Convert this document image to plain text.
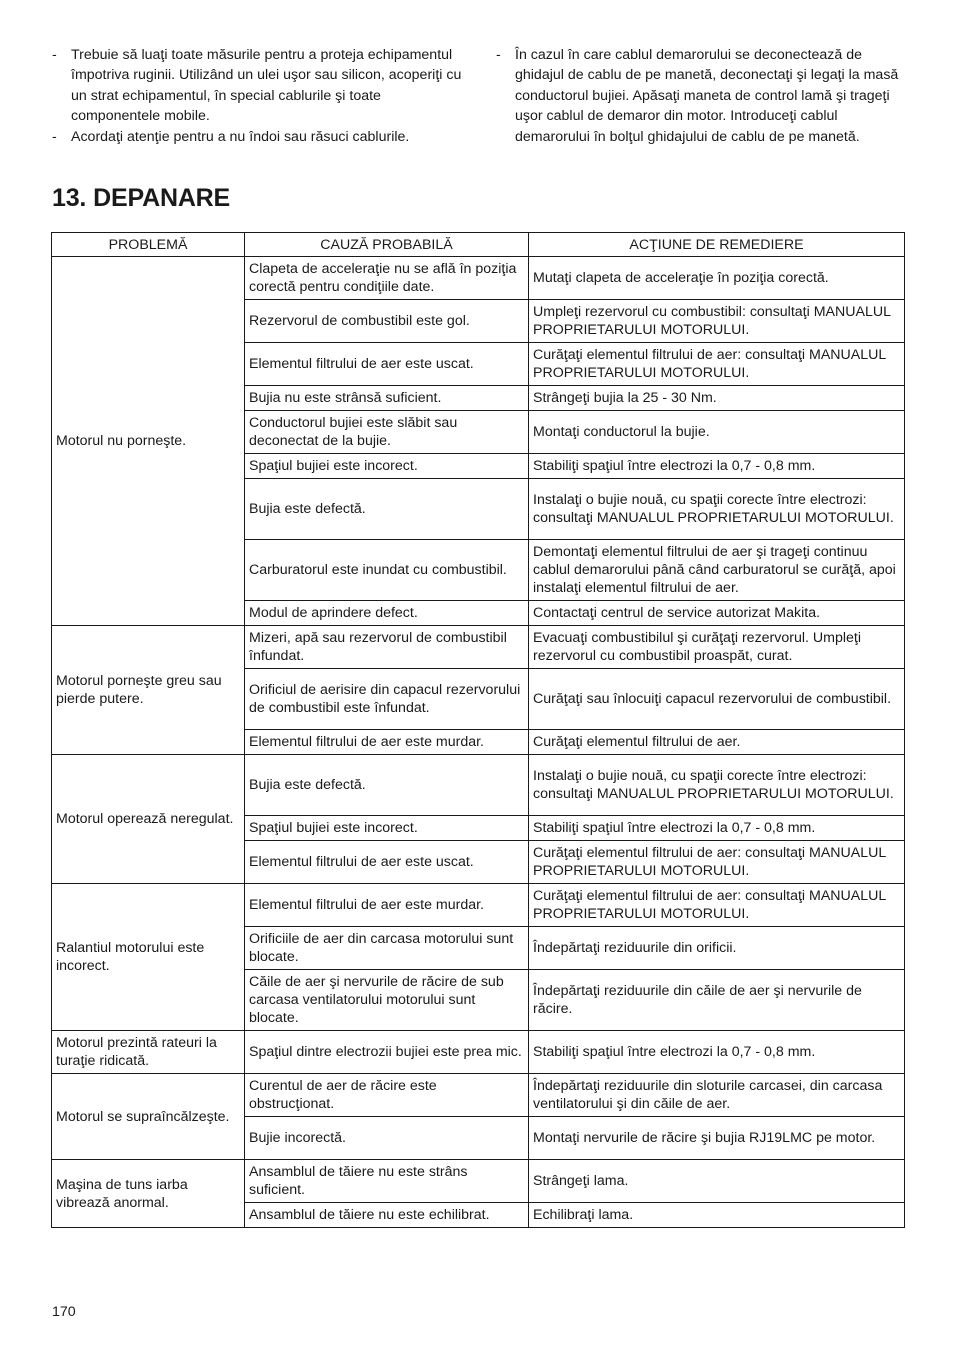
-	Trebuie să luaţi toate măsurile pentru a proteja echipamentul împotriva ruginii. Utilizând un ulei uşor sau silicon, acoperiţi cu un strat echipamentul, în special cablurile şi toate componentele mobile.
-	Acordaţi atenţie pentru a nu îndoi sau răsuci cablurile.
-	În cazul în care cablul demarorului se deconectează de ghidajul de cablu de pe manetă, deconectaţi şi legaţi la masă conductorul bujiei. Apăsaţi maneta de control lamă şi trageţi uşor cablul de demaror din motor. Introduceţi cablul demarorului în bolţul ghidajului de cablu de pe manetă.
13. DEPANARE
PROBLEMĂ	CAUZĂ PROBABILĂ	ACŢIUNE DE REMEDIERE
Motorul nu porneşte.	Clapeta de acceleraţie nu se află în poziţia corectă pentru condiţiile date.	Mutaţi clapeta de acceleraţie în poziţia corectă.
	Rezervorul de combustibil este gol.	Umpleţi rezervorul cu combustibil: consultaţi MANUALUL PROPRIETARULUI MOTORULUI.
	Elementul filtrului de aer este uscat.	Curăţaţi elementul filtrului de aer: consultaţi MANUALUL PROPRIETARULUI MOTORULUI.
	Bujia nu este strânsă suficient.	Strângeţi bujia la 25 - 30 Nm.
	Conductorul bujiei este slăbit sau deconectat de la bujie.	Montaţi conductorul la bujie.
	Spaţiul bujiei este incorect.	Stabiliţi spaţiul între electrozi la 0,7 - 0,8 mm.
	Bujia este defectă.	Instalaţi o bujie nouă, cu spaţii corecte între electrozi: consultaţi MANUALUL PROPRIETARULUI MOTORULUI.
	Carburatorul este inundat cu combustibil.	Demontaţi elementul filtrului de aer şi trageţi continuu cablul demarorului până când carburatorul se curăţă, apoi instalaţi elementul filtrului de aer.
	Modul de aprindere defect.	Contactaţi centrul de service autorizat Makita.
Motorul porneşte greu sau pierde putere.	Mizeri, apă sau rezervorul de combustibil înfundat.	Evacuaţi combustibilul şi curăţaţi rezervorul. Umpleţi rezervorul cu combustibil proaspăt, curat.
	Orificiul de aerisire din capacul rezervorului de combustibil este înfundat.	Curăţaţi sau înlocuiţi capacul rezervorului de combustibil.
	Elementul filtrului de aer este murdar.	Curăţaţi elementul filtrului de aer.
Motorul operează neregulat.	Bujia este defectă.	Instalaţi o bujie nouă, cu spaţii corecte între electrozi: consultaţi MANUALUL PROPRIETARULUI MOTORULUI.
	Spaţiul bujiei este incorect.	Stabiliţi spaţiul între electrozi la 0,7 - 0,8 mm.
	Elementul filtrului de aer este uscat.	Curăţaţi elementul filtrului de aer: consultaţi MANUALUL PROPRIETARULUI MOTORULUI.
Ralantiul motorului este incorect.	Elementul filtrului de aer este murdar.	Curăţaţi elementul filtrului de aer: consultaţi MANUALUL PROPRIETARULUI MOTORULUI.
	Orificiile de aer din carcasa motorului sunt blocate.	Îndepărtaţi reziduurile din orificii.
	Căile de aer şi nervurile de răcire de sub carcasa ventilatorului motorului sunt blocate.	Îndepărtaţi reziduurile din căile de aer şi nervurile de răcire.
Motorul prezintă rateuri la turaţie ridicată.	Spaţiul dintre electrozii bujiei este prea mic.	Stabiliţi spaţiul între electrozi la 0,7 - 0,8 mm.
Motorul se supraîncălzeşte.	Curentul de aer de răcire este obstrucţionat.	Îndepărtaţi reziduurile din sloturile carcasei, din carcasa ventilatorului şi din căile de aer.
	Bujie incorectă.	Montaţi nervurile de răcire şi bujia RJ19LMC pe motor.
Maşina de tuns iarba vibrează anormal.	Ansamblul de tăiere nu este strâns suficient.	Strângeţi lama.
	Ansamblul de tăiere nu este echilibrat.	Echilibraţi lama.
170
